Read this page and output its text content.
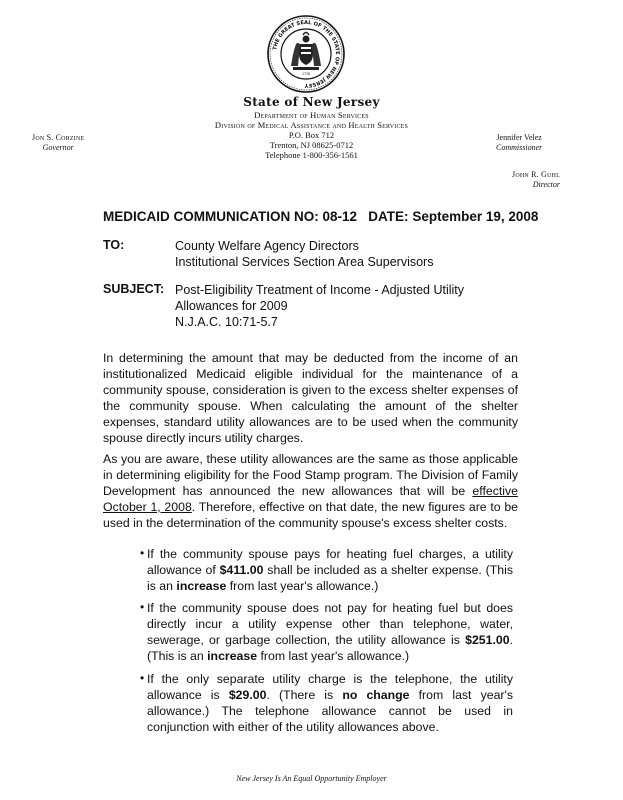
THE GREAT SEAL OF THE STATE OF NEW JERSEY
1776
State of New Jersey
Department of Human Services
Division of Medical Assistance and Health Services
P.O. Box 712
Trenton, NJ 08625-0712
Telephone 1-800-356-1561
Jon S. Corzine
Governor
Jennifer Velez
Commissioner
John R. Guhl
Director
MEDICAID COMMUNICATION NO: 08-12 DATE: September 19, 2008
TO:	County Welfare Agency Directors
Institutional Services Section Area Supervisors
SUBJECT: Post-Eligibility Treatment of Income - Adjusted Utility
Allowances for 2009
N.J.A.C. 10:71-5.7
In determining the amount that may be deducted from the income of an institutionalized Medicaid eligible individual for the maintenance of a community spouse, consideration is given to the excess shelter expenses of the community spouse. When calculating the amount of the shelter expenses, standard utility allowances are to be used when the community spouse directly incurs utility charges.
As you are aware, these utility allowances are the same as those applicable in determining eligibility for the Food Stamp program. The Division of Family Development has announced the new allowances that will be effective October 1, 2008. Therefore, effective on that date, the new figures are to be used in the determination of the community spouse's excess shelter costs.
• If the community spouse pays for heating fuel charges, a utility allowance of $411.00 shall be included as a shelter expense. (This is an increase from last year's allowance.)
• If the community spouse does not pay for heating fuel but does directly incur a utility expense other than telephone, water, sewerage, or garbage collection, the utility allowance is $251.00. (This is an increase from last year's allowance.)
• If the only separate utility charge is the telephone, the utility allowance is $29.00. (There is no change from last year's allowance.) The telephone allowance cannot be used in conjunction with either of the utility allowances above.
New Jersey Is An Equal Opportunity Employer
